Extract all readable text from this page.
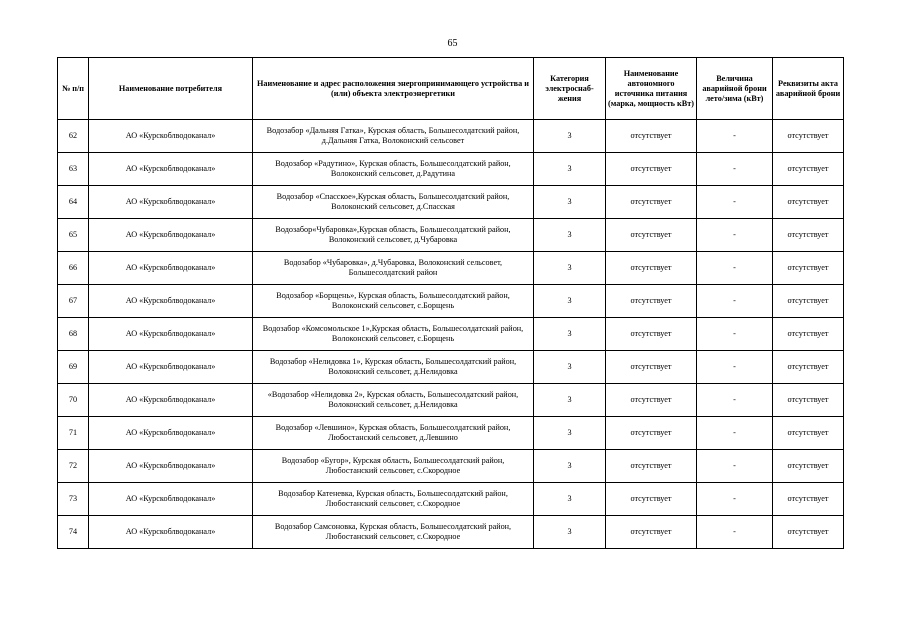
65
№ п/п	Наименование потребителя	Наименование и адрес расположения энергопринимающего устройства и (или) объекта электроэнергетики	Категория электроснаб-жения	Наименование автономного источника питания (марка, мощность кВт)	Величина аварийной брони лето/зима (кВт)	Реквизиты акта аварийной брони
62	АО «Курскоблводоканал»	Водозабор «Дальняя Гатка», Курская область, Большесолдатский район, д.Дальняя Гатка, Волоконский сельсовет	3	отсутствует	-	отсутствует
63	АО «Курскоблводоканал»	Водозабор «Радутино», Курская область, Большесолдатский район, Волоконский сельсовет, д.Радутина	3	отсутствует	-	отсутствует
64	АО «Курскоблводоканал»	Водозабор «Спасское»,Курская область, Большесолдатский район, Волоконский сельсовет, д.Спасская	3	отсутствует	-	отсутствует
65	АО «Курскоблводоканал»	Водозабор«Чубаровка»,Курская область, Большесолдатский район, Волоконский сельсовет, д.Чубаровка	3	отсутствует	-	отсутствует
66	АО «Курскоблводоканал»	Водозабор «Чубаровка», д.Чубаровка, Волоконский сельсовет, Большесолдатский район	3	отсутствует	-	отсутствует
67	АО «Курскоблводоканал»	Водозабор «Борщень», Курская область, Большесолдатский район, Волоконский сельсовет, с.Борщень	3	отсутствует	-	отсутствует
68	АО «Курскоблводоканал»	Водозабор «Комсомольское 1»,Курская область, Большесолдатский район, Волоконский сельсовет, с.Борщень	3	отсутствует	-	отсутствует
69	АО «Курскоблводоканал»	Водозабор «Нелидовка 1», Курская область, Большесолдатский район, Волоконский сельсовет, д.Нелидовка	3	отсутствует	-	отсутствует
70	АО «Курскоблводоканал»	«Водозабор «Нелидовка 2», Курская область, Большесолдатский район, Волоконский сельсовет, д.Нелидовка	3	отсутствует	-	отсутствует
71	АО «Курскоблводоканал»	Водозабор «Левшино», Курская область, Большесолдатский район, Любостанский сельсовет, д.Левшино	3	отсутствует	-	отсутствует
72	АО «Курскоблводоканал»	Водозабор «Бугор», Курская область, Большесолдатский район, Любостанский сельсовет, с.Скородное	3	отсутствует	-	отсутствует
73	АО «Курскоблводоканал»	Водозабор Катеневка, Курская область, Большесолдатский район, Любостанский сельсовет, с.Скородное	3	отсутствует	-	отсутствует
74	АО «Курскоблводоканал»	Водозабор Самсоновка, Курская область, Большесолдатский район, Любостанский сельсовет, с.Скородное	3	отсутствует	-	отсутствует
